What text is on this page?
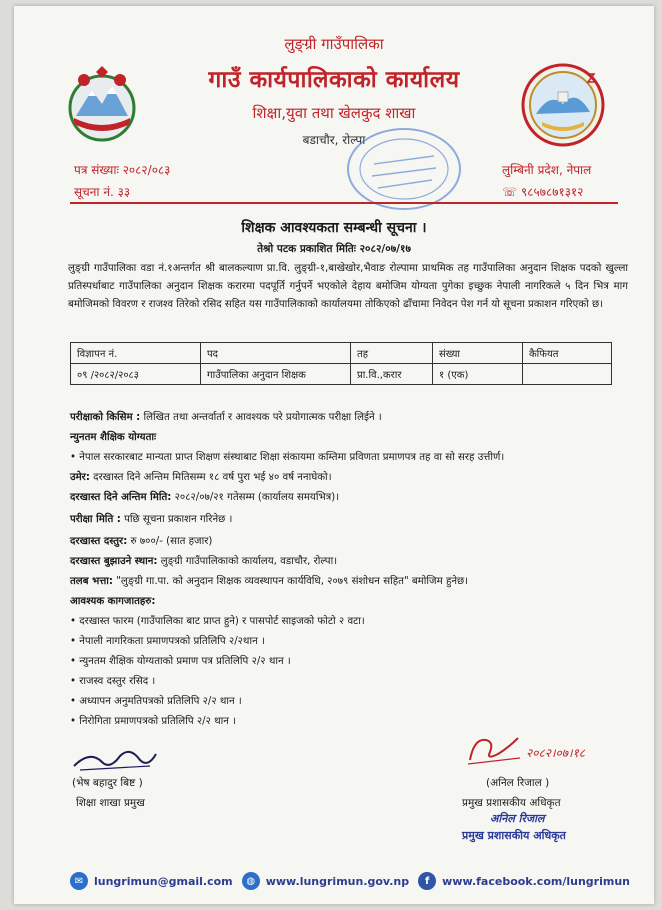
लुङ्ग्री गाउँपालिका
गाउँ कार्यपालिकाको कार्यालय
शिक्षा,युवा तथा खेलकुद शाखा
बडाचौर, रोल्पा
पत्र संख्याः २०८२/०८३
सूचना नं. ३३
लुम्बिनी प्रदेश, नेपाल
☏ ९८५७८७१३१२
शिक्षक आवश्यकता सम्बन्धी सूचना ।
तेश्रो पटक प्रकाशित मितिः २०८२/०७/१७
लुङ्ग्री गाउँपालिका वडा नं.१अन्तर्गत श्री बालकल्याण प्रा.वि. लुङ्ग्री-१,बाखेखोर,भैवाङ रोल्पामा प्राथमिक तह गाउँपालिका अनुदान शिक्षक पदको खुल्ला प्रतिस्पर्धाबाट गाउँपालिका अनुदान शिक्षक करारमा पदपूर्ति गर्नुपर्ने भएकोले देहाय बमोजिम योग्यता पुगेका इच्छुक नेपाली नागरिकले ५ दिन भित्र माग बमोजिमको विवरण र राजश्व तिरेको रसिद सहित यस गाउँपालिकाको कार्यालयमा तोकिएको ढाँचामा निवेदन पेश गर्न यो सूचना प्रकाशन गरिएको छ।
विज्ञापन नं.	पद	तह	संख्या	कैफियत
०९ /२०८२/२०८३	गाउँपालिका अनुदान शिक्षक	प्रा.वि.,करार	१ (एक)	
परीक्षाको किसिम : लिखित तथा अन्तर्वार्ता र आवश्यक परे प्रयोगात्मक परीक्षा लिईने ।
न्युनतम शैक्षिक योग्यताः
• नेपाल सरकारबाट मान्यता प्राप्त शिक्षण संस्थाबाट शिक्षा संकायमा कम्तिमा प्रविणता प्रमाणपत्र तह वा सो सरह उत्तीर्ण।
उमेर: दरखास्त दिने अन्तिम मितिसम्म १८ वर्ष पुरा भई ४० वर्ष ननाघेको।
दरखास्त दिने अन्तिम मिति: २०८२/०७/२१ गतेसम्म (कार्यालय समयभित्र)।
परीक्षा मिति : पछि सूचना प्रकाशन गरिनेछ ।
दरखास्त दस्तुर: रु ७००/- (सात हजार)
दरखास्त बुझाउने स्थान: लुङ्ग्री गाउँपालिकाको कार्यालय, वडाचौर, रोल्पा।
तलब भत्ता: "लुङ्ग्री गा.पा. को अनुदान शिक्षक व्यवस्थापन कार्यविधि, २०७९ संशोधन सहित" बमोजिम हुनेछ।
आवश्यक कागजातहरु:
• दरखास्त फारम (गाउँपालिका बाट प्राप्त हुने) र पासपोर्ट साइजको फोटो २ वटा।
• नेपाली नागरिकता प्रमाणपत्रको प्रतिलिपि २/२थान ।
• न्युनतम शैक्षिक योग्यताको प्रमाण पत्र प्रतिलिपि २/२ थान ।
• राजस्व दस्तुर रसिद ।
• अध्यापन अनुमतिपत्रको प्रतिलिपि २/२ थान ।
• निरोगिता प्रमाणपत्रको प्रतिलिपि २/२ थान ।
(भेष बहादुर बिष्ट )
शिक्षा शाखा प्रमुख
२०८२।०७।१८
(अनिल रिजाल )
प्रमुख प्रशासकीय अधिकृत
अनिल रिजाल
प्रमुख प्रशासकीय अधिकृत
✉ lungrimun@gmail.com	◍ www.lungrimun.gov.np	f	www.facebook.com/lungrimun
